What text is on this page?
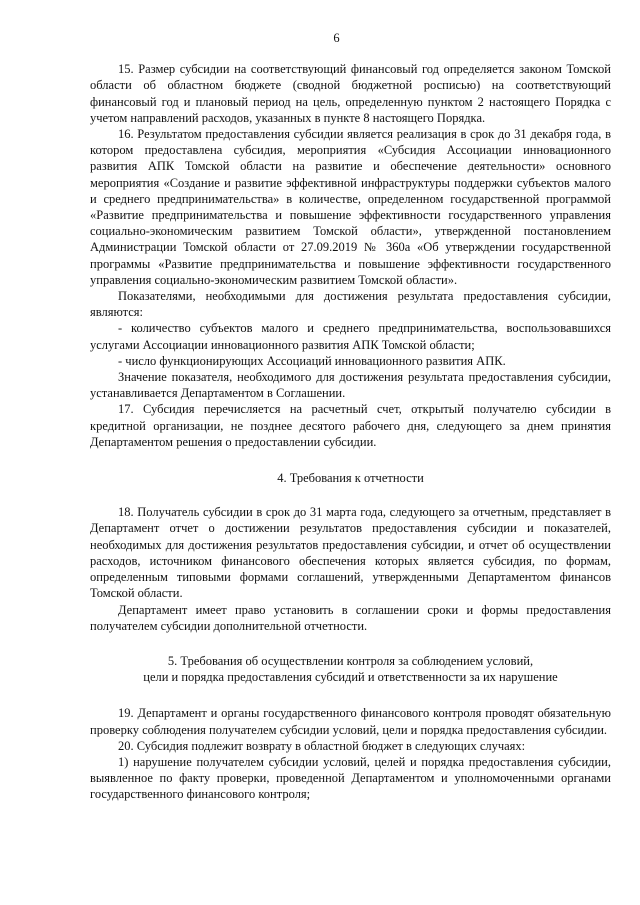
6

15. Размер субсидии на соответствующий финансовый год определяется законом Томской области об областном бюджете (сводной бюджетной росписью) на соответствующий финансовый год и плановый период на цель, определенную пунктом 2 настоящего Порядка с учетом направлений расходов, указанных в пункте 8 настоящего Порядка.

16. Результатом предоставления субсидии является реализация в срок до 31 декабря года, в котором предоставлена субсидия, мероприятия «Субсидия Ассоциации инновационного развития АПК Томской области на развитие и обеспечение деятельности» основного мероприятия «Создание и развитие эффективной инфраструктуры поддержки субъектов малого и среднего предпринимательства» в количестве, определенном государственной программой «Развитие предпринимательства и повышение эффективности государственного управления социально-экономическим развитием Томской области», утвержденной постановлением Администрации Томской области от 27.09.2019 № 360а «Об утверждении государственной программы «Развитие предпринимательства и повышение эффективности государственного управления социально-экономическим развитием Томской области».

Показателями, необходимыми для достижения результата предоставления субсидии, являются:

- количество субъектов малого и среднего предпринимательства, воспользовавшихся услугами Ассоциации инновационного развития АПК Томской области;

- число функционирующих Ассоциаций инновационного развития АПК.

Значение показателя, необходимого для достижения результата предоставления субсидии, устанавливается Департаментом в Соглашении.

17. Субсидия перечисляется на расчетный счет, открытый получателю субсидии в кредитной организации, не позднее десятого рабочего дня, следующего за днем принятия Департаментом решения о предоставлении субсидии.

4. Требования к отчетности

18. Получатель субсидии в срок до 31 марта года, следующего за отчетным, представляет в Департамент отчет о достижении результатов предоставления субсидии и показателей, необходимых для достижения результатов предоставления субсидии, и отчет об осуществлении расходов, источником финансового обеспечения которых является субсидия, по формам, определенным типовыми формами соглашений, утвержденными Департаментом финансов Томской области.

Департамент имеет право установить в соглашении сроки и формы предоставления получателем субсидии дополнительной отчетности.

5. Требования об осуществлении контроля за соблюдением условий,
цели и порядка предоставления субсидий и ответственности за их нарушение

19. Департамент и органы государственного финансового контроля проводят обязательную проверку соблюдения получателем субсидии условий, цели и порядка предоставления субсидии.

20. Субсидия подлежит возврату в областной бюджет в следующих случаях:

1) нарушение получателем субсидии условий, целей и порядка предоставления субсидии, выявленное по факту проверки, проведенной Департаментом и уполномоченными органами государственного финансового контроля;
